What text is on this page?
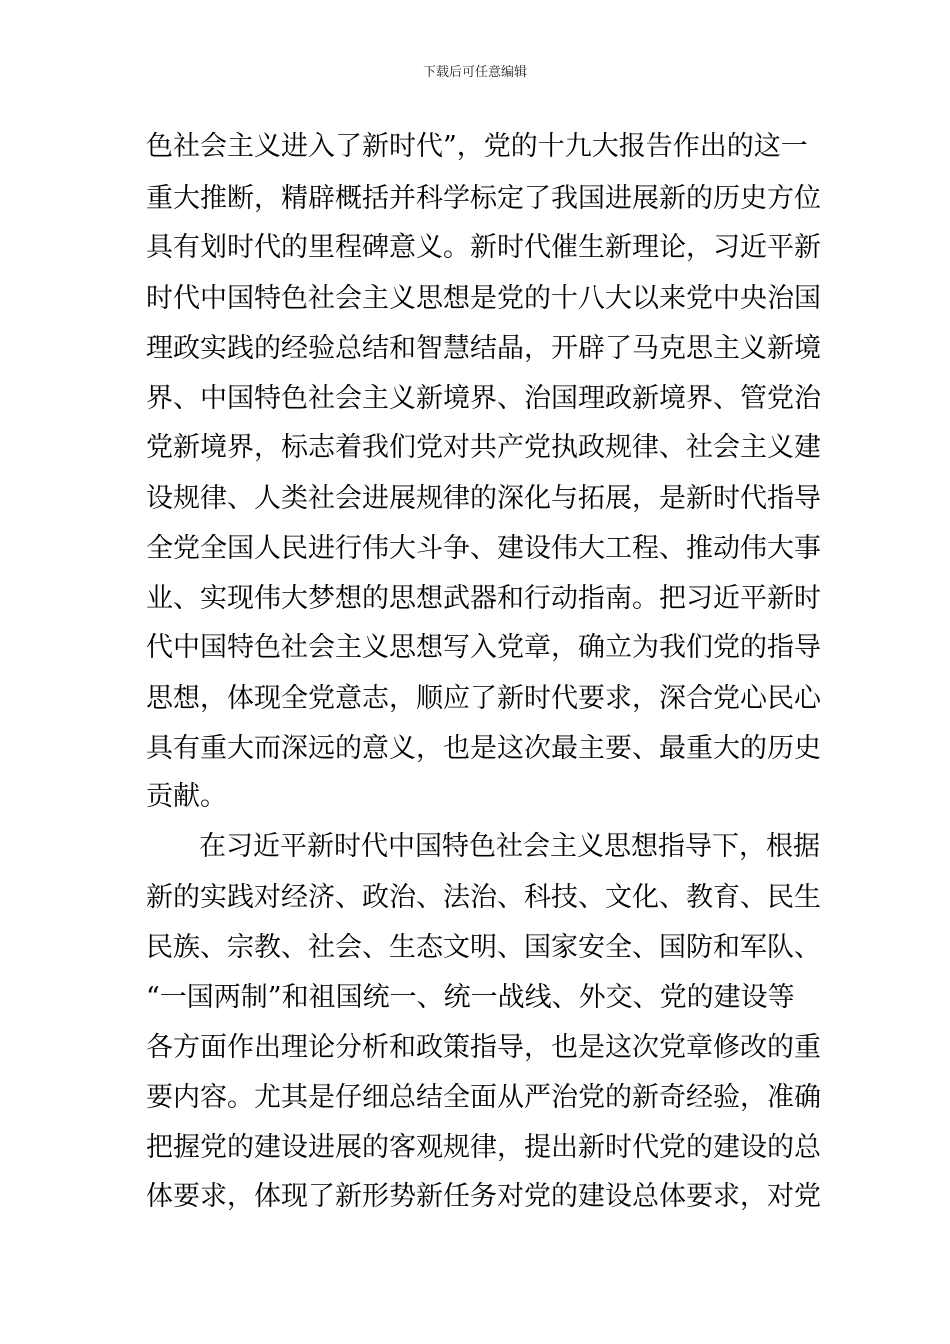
下载后可任意编辑
色社会主义进入了新时代”，党的十九大报告作出的这一
重大推断，精辟概括并科学标定了我国进展新的历史方位
具有划时代的里程碑意义。新时代催生新理论，习近平新
时代中国特色社会主义思想是党的十八大以来党中央治国
理政实践的经验总结和智慧结晶，开辟了马克思主义新境
界、中国特色社会主义新境界、治国理政新境界、管党治
党新境界，标志着我们党对共产党执政规律、社会主义建
设规律、人类社会进展规律的深化与拓展，是新时代指导
全党全国人民进行伟大斗争、建设伟大工程、推动伟大事
业、实现伟大梦想的思想武器和行动指南。把习近平新时
代中国特色社会主义思想写入党章，确立为我们党的指导
思想，体现全党意志，顺应了新时代要求，深合党心民心
具有重大而深远的意义，也是这次最主要、最重大的历史
贡献。
在习近平新时代中国特色社会主义思想指导下，根据
新的实践对经济、政治、法治、科技、文化、教育、民生
民族、宗教、社会、生态文明、国家安全、国防和军队、
“一国两制”和祖国统一、统一战线、外交、党的建设等
各方面作出理论分析和政策指导，也是这次党章修改的重
要内容。尤其是仔细总结全面从严治党的新奇经验，准确
把握党的建设进展的客观规律，提出新时代党的建设的总
体要求，体现了新形势新任务对党的建设总体要求，对党
